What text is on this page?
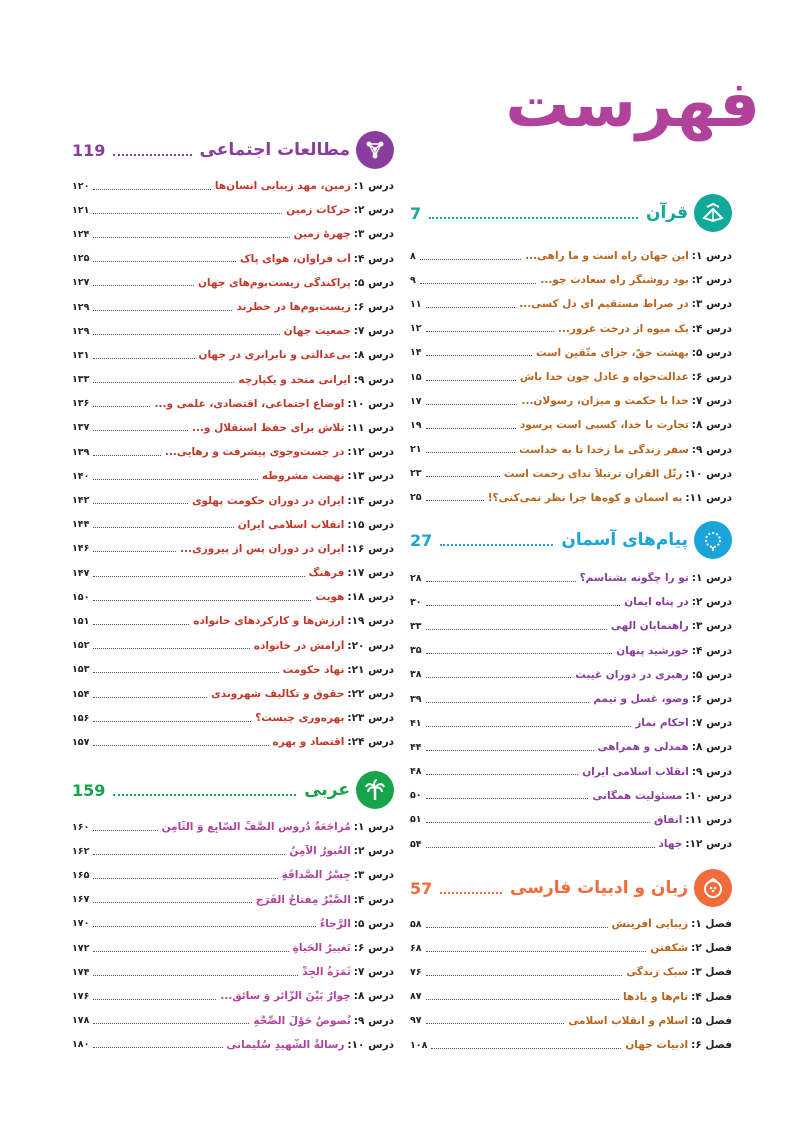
فهرست
قرآن
7
درس ۱:
این جهان راه است و ما راهی...
۸
درس ۲:
بود روشنگر راه سعادت چو...
۹
درس ۳:
در صراط مستقیم ای دل کسی...
۱۱
درس ۴:
یک میوه از درخت غرور...
۱۲
درس ۵:
بهشت حقّ، جزای متّقین است
۱۴
درس ۶:
عدالت‌خواه و عادل چون خدا باش
۱۵
درس ۷:
خدا با حکمت و میزان، رسولان...
۱۷
درس ۸:
تجارت با خدا، کسبی است پرسود
۱۹
درس ۹:
سفر زندگی ما زخدا تا به خداست
۲۱
درس ۱۰:
رتّل القرآن ترتیلاً ندای رحمت است
۲۳
درس ۱۱:
به آسمان و کوه‌ها چرا نظر نمی‌کنی؟!
۲۵
پیام‌های آسمان
27
درس ۱:
تو را چگونه بشناسم؟
۲۸
درس ۲:
در پناه ایمان
۳۰
درس ۳:
راهنمایان الهی
۳۳
درس ۴:
خورشید پنهان
۳۵
درس ۵:
رهبری در دوران غیبت
۳۸
درس ۶:
وضو، غسل و تیمم
۳۹
درس ۷:
احکام نماز
۴۱
درس ۸:
همدلی و همراهی
۴۴
درس ۹:
انقلاب اسلامی ایران
۴۸
درس ۱۰:
مسئولیت همگانی
۵۰
درس ۱۱:
انفاق
۵۱
درس ۱۲:
جهاد
۵۴
زبان و ادبیات فارسی
57
فصل ۱:
زیبایی آفرینش
۵۸
فصل ۲:
شکفتن
۶۸
فصل ۳:
سبک زندگی
۷۶
فصل ۴:
نام‌ها و یادها
۸۷
فصل ۵:
اسلام و انقلاب اسلامی
۹۷
فصل ۶:
ادبیات جهان
۱۰۸
مطالعات اجتماعی
119
درس ۱:
زمین، مهد زیبایی انسان‌ها
۱۲۰
درس ۲:
حرکات زمین
۱۲۱
درس ۳:
چهرهٔ زمین
۱۲۴
درس ۴:
آب فراوان، هوای پاک
۱۲۵
درس ۵:
پراکندگی زیست‌بوم‌های جهان
۱۲۷
درس ۶:
زیست‌بوم‌ها در خطرند
۱۲۹
درس ۷:
جمعیت جهان
۱۲۹
درس ۸:
بی‌عدالتی و نابرابری در جهان
۱۳۱
درس ۹:
ایرانی متحد و یکپارچه
۱۳۳
درس ۱۰:
اوضاع اجتماعی، اقتصادی، علمی و...
۱۳۶
درس ۱۱:
تلاش برای حفظ استقلال و...
۱۳۷
درس ۱۲:
در جست‌وجوی پیشرفت و رهایی...
۱۳۹
درس ۱۳:
نهضت مشروطه
۱۴۰
درس ۱۴:
ایران در دوران حکومت پهلوی
۱۴۲
درس ۱۵:
انقلاب اسلامی ایران
۱۴۴
درس ۱۶:
ایران در دوران پس از پیروزی...
۱۴۶
درس ۱۷:
فرهنگ
۱۴۷
درس ۱۸:
هویت
۱۵۰
درس ۱۹:
ارزش‌ها و کارکردهای خانواده
۱۵۱
درس ۲۰:
آرامش در خانواده
۱۵۲
درس ۲۱:
نهاد حکومت
۱۵۳
درس ۲۲:
حقوق و تکالیف شهروندی
۱۵۴
درس ۲۳:
بهره‌وری چیست؟
۱۵۶
درس ۲۴:
اقتصاد و بهره
۱۵۷
عربی
159
درس ۱:
مُراجَعَةُ دُروسِ الصَّفِّ السّابِعِ وَ الثّامِنِ
۱۶۰
درس ۲:
اَلْعُبورُ الْآمِنُ
۱۶۲
درس ۳:
جِسْرُ الصَّداقَةِ
۱۶۵
درس ۴:
اَلصَّبْرُ مِفتاحُ الْفَرَجِ
۱۶۷
درس ۵:
اَلرَّجاءُ
۱۷۰
درس ۶:
تَغییرُ الْحَیاةِ
۱۷۲
درس ۷:
ثَمَرَةُ الْجِدِّ
۱۷۴
درس ۸:
حِوارٌ بَیْنَ الزّائرِ وَ سائقِ...
۱۷۶
درس ۹:
نُصوصٌ حَوْلَ الصِّحَّةِ
۱۷۸
درس ۱۰:
رِسالَةُ الشَّهیدِ سُلَیمانی
۱۸۰
